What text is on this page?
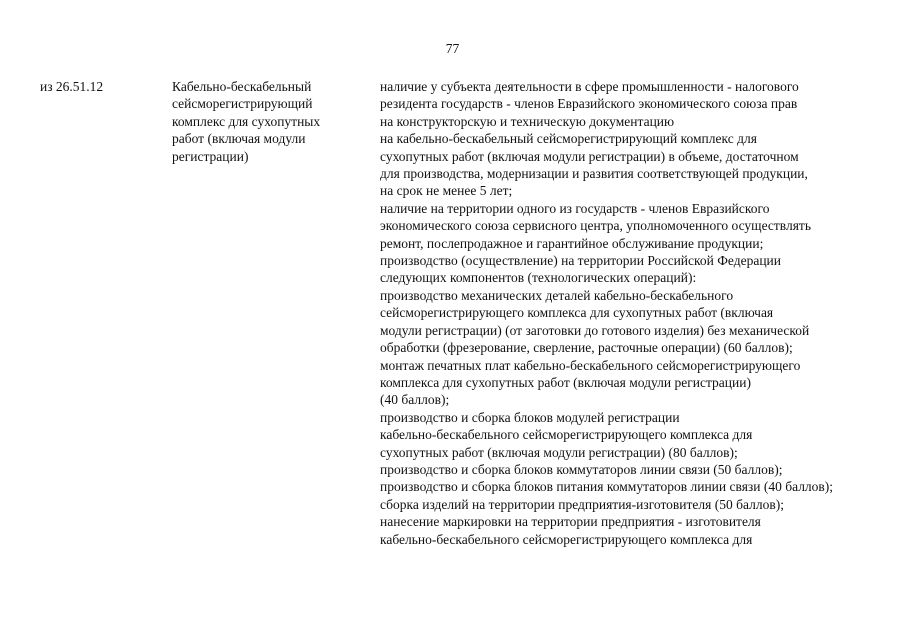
77
из 26.51.12	Кабельно-бескабельный
сейсморегистрирующий
комплекс для сухопутных
работ (включая модули
регистрации)
наличие у субъекта деятельности в сфере промышленности - налогового
резидента государств - членов Евразийского экономического союза прав
на конструкторскую и техническую документацию
на кабельно-бескабельный сейсморегистрирующий комплекс для
сухопутных работ (включая модули регистрации) в объеме, достаточном
для производства, модернизации и развития соответствующей продукции,
на срок не менее 5 лет;
наличие на территории одного из государств - членов Евразийского
экономического союза сервисного центра, уполномоченного осуществлять
ремонт, послепродажное и гарантийное обслуживание продукции;
производство (осуществление) на территории Российской Федерации
следующих компонентов (технологических операций):
производство механических деталей кабельно-бескабельного
сейсморегистрирующего комплекса для сухопутных работ (включая
модули регистрации) (от заготовки до готового изделия) без механической
обработки (фрезерование, сверление, расточные операции) (60 баллов);
монтаж печатных плат кабельно-бескабельного сейсморегистрирующего
комплекса для сухопутных работ (включая модули регистрации)
(40 баллов);
производство и сборка блоков модулей регистрации
кабельно-бескабельного сейсморегистрирующего комплекса для
сухопутных работ (включая модули регистрации) (80 баллов);
производство и сборка блоков коммутаторов линии связи (50 баллов);
производство и сборка блоков питания коммутаторов линии связи (40 баллов);
сборка изделий на территории предприятия-изготовителя (50 баллов);
нанесение маркировки на территории предприятия - изготовителя
кабельно-бескабельного сейсморегистрирующего комплекса для
